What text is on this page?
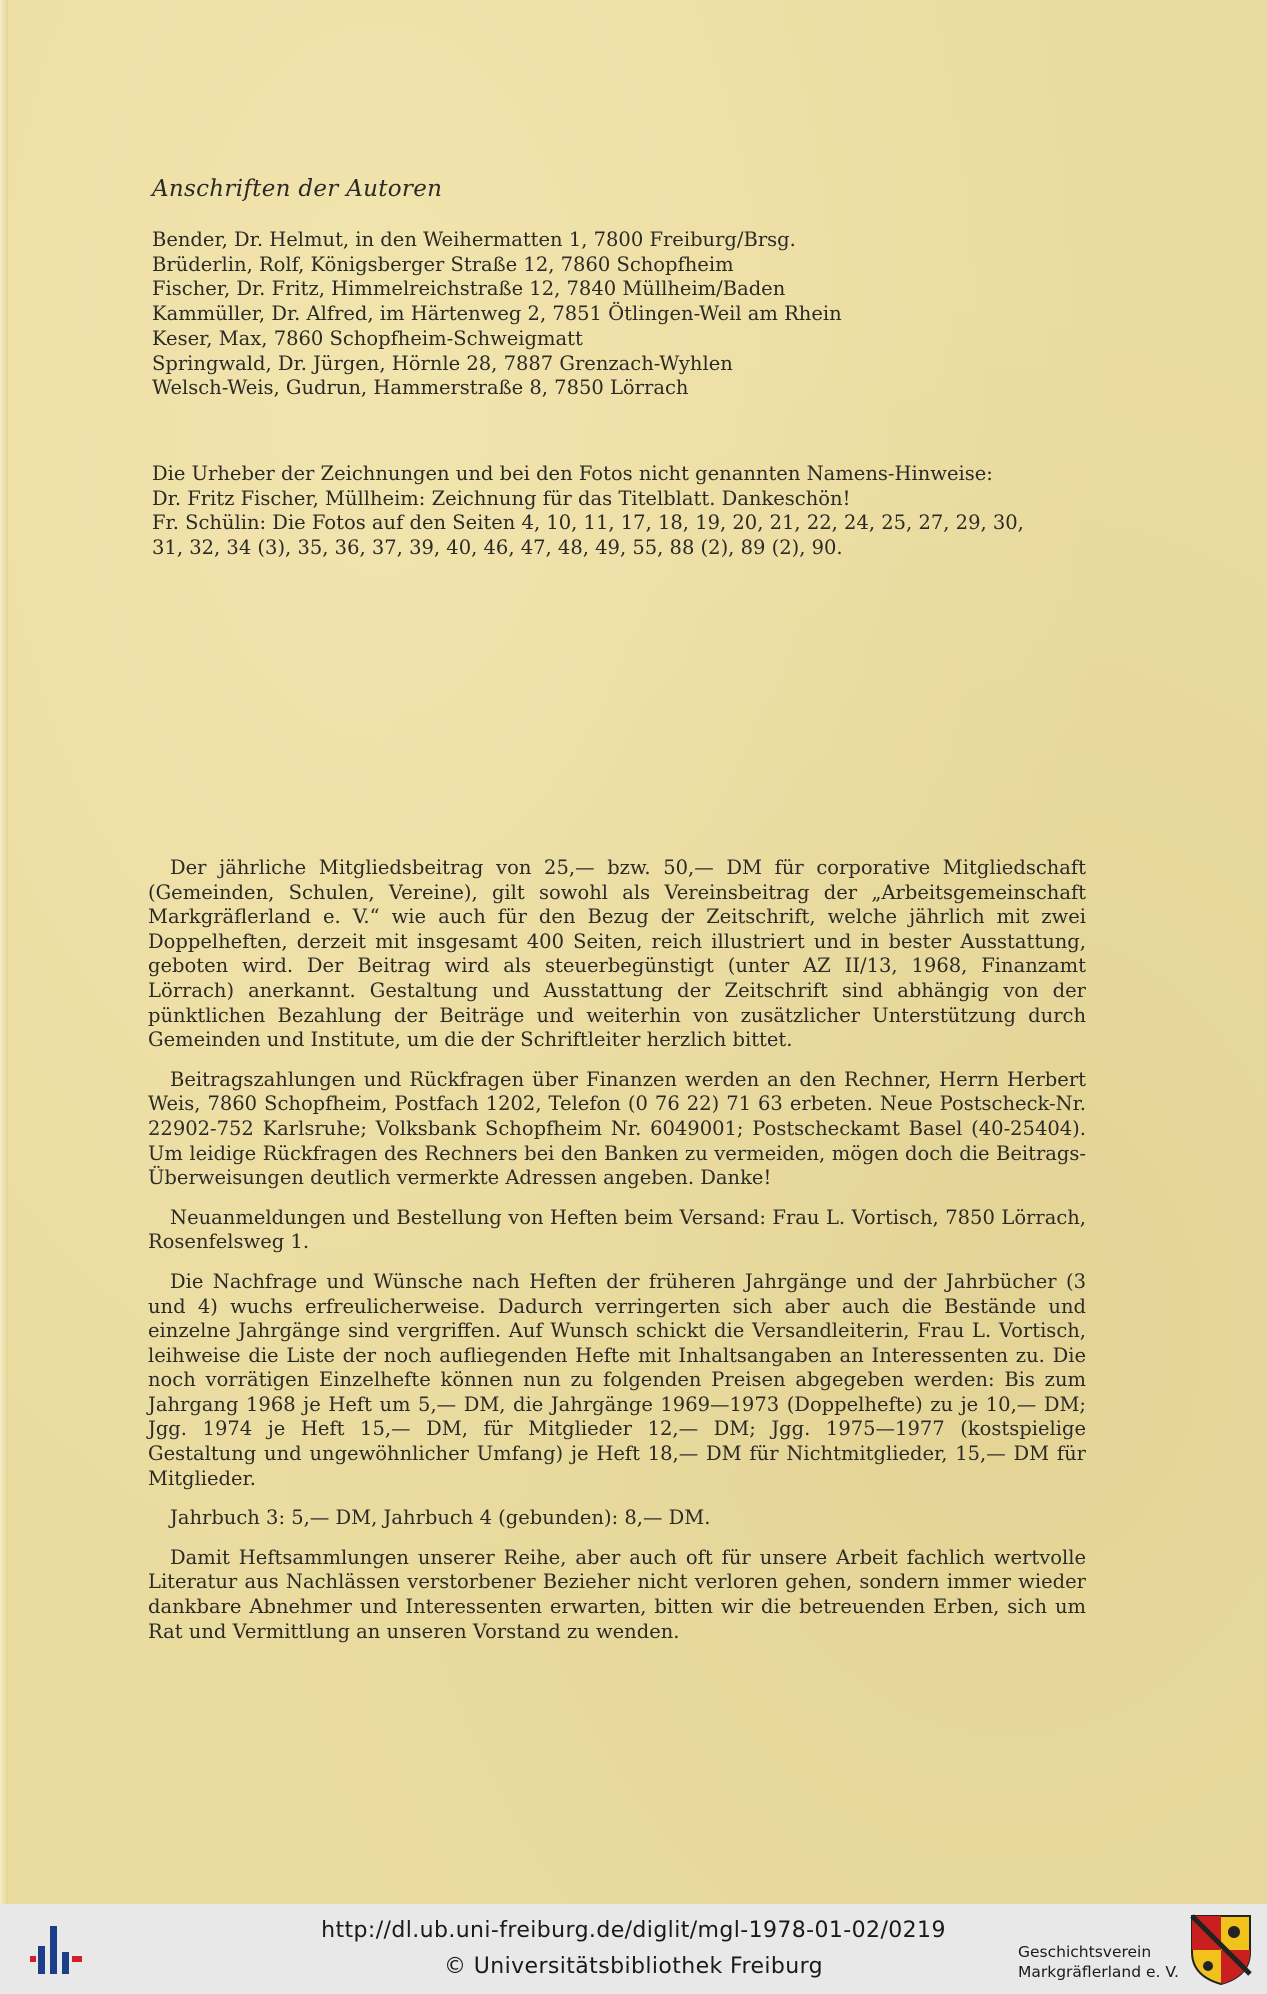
Anschriften der Autoren
Bender, Dr. Helmut, in den Weihermatten 1, 7800 Freiburg/Brsg.
Brüderlin, Rolf, Königsberger Straße 12, 7860 Schopfheim
Fischer, Dr. Fritz, Himmelreichstraße 12, 7840 Müllheim/Baden
Kammüller, Dr. Alfred, im Härtenweg 2, 7851 Ötlingen-Weil am Rhein
Keser, Max, 7860 Schopfheim-Schweigmatt
Springwald, Dr. Jürgen, Hörnle 28, 7887 Grenzach-Wyhlen
Welsch-Weis, Gudrun, Hammerstraße 8, 7850 Lörrach
Die Urheber der Zeichnungen und bei den Fotos nicht genannten Namens-Hinweise:
Dr. Fritz Fischer, Müllheim: Zeichnung für das Titelblatt. Dankeschön!
Fr. Schülin: Die Fotos auf den Seiten 4, 10, 11, 17, 18, 19, 20, 21, 22, 24, 25, 27, 29, 30,
31, 32, 34 (3), 35, 36, 37, 39, 40, 46, 47, 48, 49, 55, 88 (2), 89 (2), 90.

Der jährliche Mitgliedsbeitrag von 25,— bzw. 50,— DM für corporative Mitgliedschaft (Gemeinden, Schulen, Vereine), gilt sowohl als Vereinsbeitrag der „Arbeitsgemeinschaft Markgräflerland e. V.“ wie auch für den Bezug der Zeitschrift, welche jährlich mit zwei Doppelheften, derzeit mit insgesamt 400 Seiten, reich illustriert und in bester Ausstattung, geboten wird. Der Beitrag wird als steuerbegünstigt (unter AZ II/13, 1968, Finanzamt Lörrach) anerkannt. Gestaltung und Ausstattung der Zeitschrift sind abhängig von der pünktlichen Bezahlung der Beiträge und weiterhin von zusätzlicher Unterstützung durch Gemeinden und Institute, um die der Schriftleiter herzlich bittet.

Beitragszahlungen und Rückfragen über Finanzen werden an den Rechner, Herrn Herbert Weis, 7860 Schopfheim, Postfach 1202, Telefon (0 76 22) 71 63 erbeten. Neue Postscheck-Nr. 22902-752 Karlsruhe; Volksbank Schopfheim Nr. 6049001; Postscheckamt Basel (40-25404). Um leidige Rückfragen des Rechners bei den Banken zu vermeiden, mögen doch die Beitrags-Überweisungen deutlich vermerkte Adressen angeben. Danke!

Neuanmeldungen und Bestellung von Heften beim Versand: Frau L. Vortisch, 7850 Lörrach, Rosenfelsweg 1.

Die Nachfrage und Wünsche nach Heften der früheren Jahrgänge und der Jahrbücher (3 und 4) wuchs erfreulicherweise. Dadurch verringerten sich aber auch die Bestände und einzelne Jahrgänge sind vergriffen. Auf Wunsch schickt die Versandleiterin, Frau L. Vortisch, leihweise die Liste der noch aufliegenden Hefte mit Inhaltsangaben an Interessenten zu. Die noch vorrätigen Einzelhefte können nun zu folgenden Preisen abgegeben werden: Bis zum Jahrgang 1968 je Heft um 5,— DM, die Jahrgänge 1969—1973 (Doppelhefte) zu je 10,— DM; Jgg. 1974 je Heft 15,— DM, für Mitglieder 12,— DM; Jgg. 1975—1977 (kostspielige Gestaltung und ungewöhnlicher Umfang) je Heft 18,— DM für Nichtmitglieder, 15,— DM für Mitglieder.

Jahrbuch 3: 5,— DM, Jahrbuch 4 (gebunden): 8,— DM.

Damit Heftsammlungen unserer Reihe, aber auch oft für unsere Arbeit fachlich wertvolle Literatur aus Nachlässen verstorbener Bezieher nicht verloren gehen, sondern immer wieder dankbare Abnehmer und Interessenten erwarten, bitten wir die betreuenden Erben, sich um Rat und Vermittlung an unseren Vorstand zu wenden.

http://dl.ub.uni-freiburg.de/diglit/mgl-1978-01-02/0219
© Universitätsbibliothek Freiburg
Geschichtsverein
Markgräflerland e. V.
